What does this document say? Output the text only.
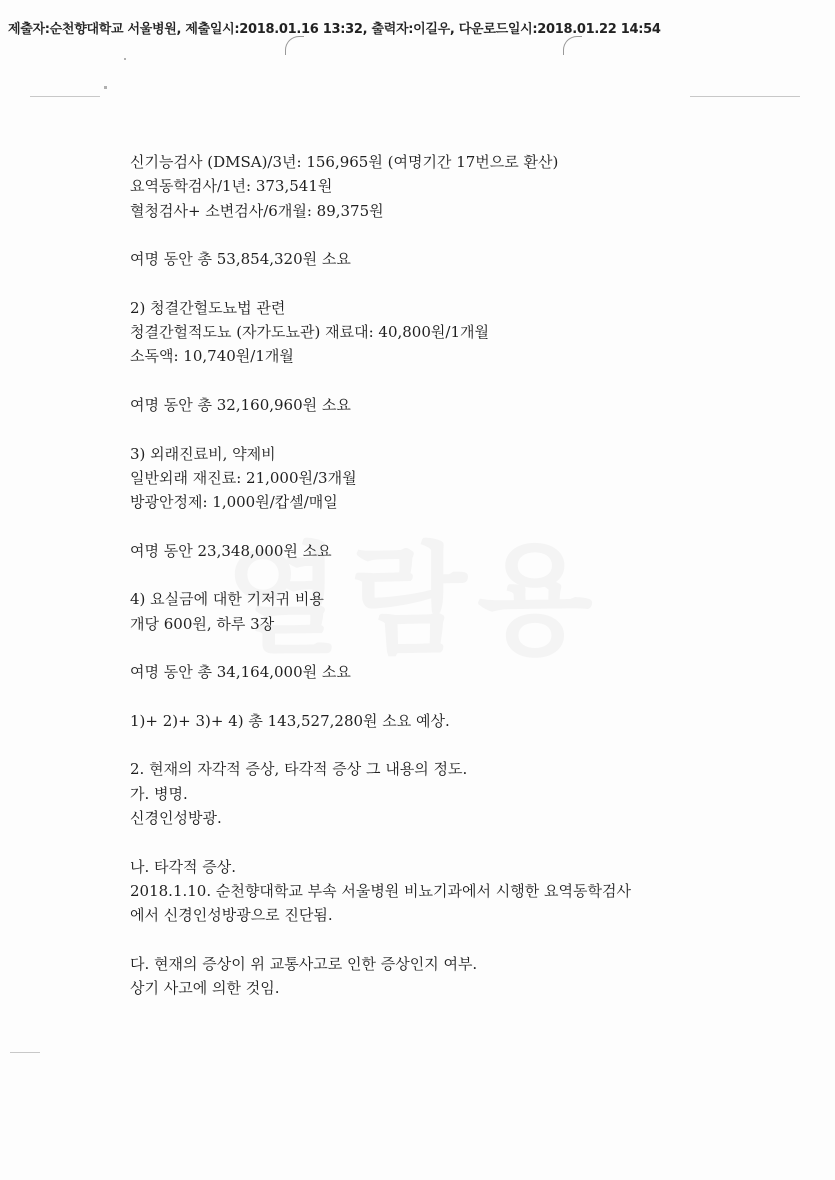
제출자:순천향대학교 서울병원, 제출일시:2018.01.16 13:32, 출력자:이길우, 다운로드일시:2018.01.22 14:54
신기능검사 (DMSA)/3년: 156,965원 (여명기간 17번으로 환산)
요역동학검사/1년: 373,541원
혈청검사+ 소변검사/6개월: 89,375원
여명 동안 총 53,854,320원 소요
2) 청결간헐도뇨법 관련
청결간헐적도뇨 (자가도뇨관) 재료대: 40,800원/1개월
소독액: 10,740원/1개월
여명 동안 총 32,160,960원 소요
3) 외래진료비, 약제비
일반외래 재진료: 21,000원/3개월
방광안정제: 1,000원/캅셀/매일
여명 동안 23,348,000원 소요
4) 요실금에 대한 기저귀 비용
개당 600원, 하루 3장
여명 동안 총 34,164,000원 소요
1)+ 2)+ 3)+ 4) 총 143,527,280원 소요 예상.
2. 현재의 자각적 증상, 타각적 증상 그 내용의 정도.
가. 병명.
신경인성방광.
나. 타각적 증상.
2018.1.10. 순천향대학교 부속 서울병원 비뇨기과에서 시행한 요역동학검사
에서 신경인성방광으로 진단됨.
다. 현재의 증상이 위 교통사고로 인한 증상인지 여부.
상기 사고에 의한 것임.
